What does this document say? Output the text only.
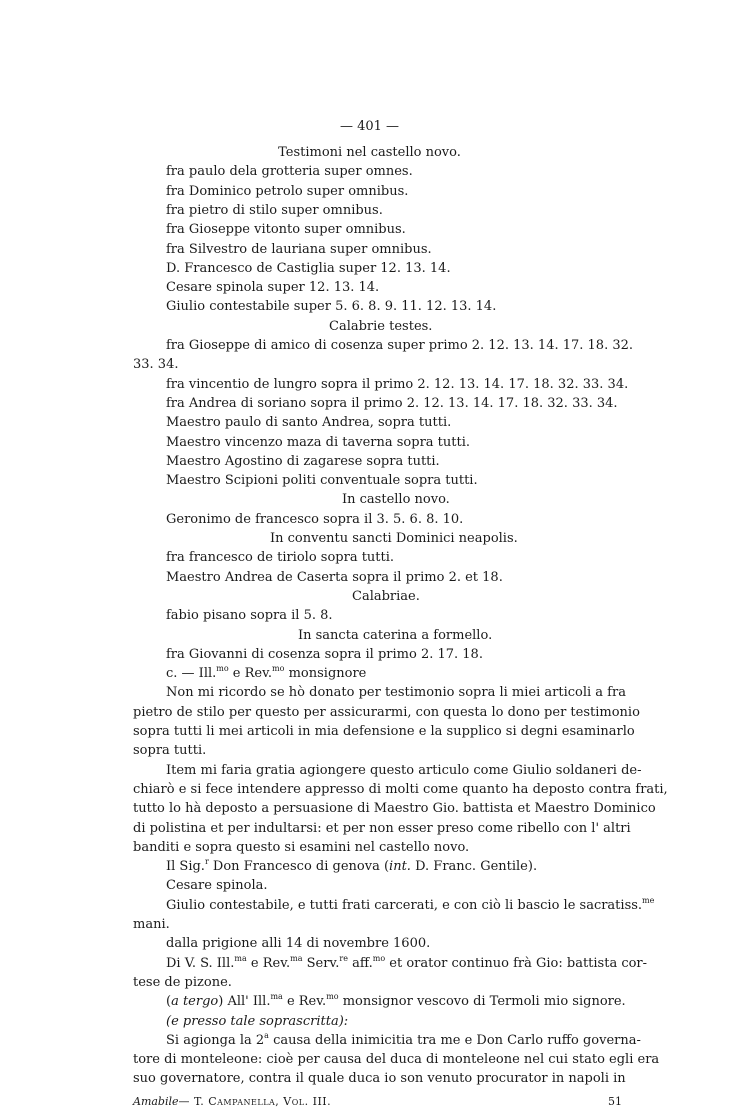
— 401 —
Testimoni nel castello novo.
fra paulo dela grotteria super omnes.
fra Dominico petrolo super omnibus.
fra pietro di stilo super omnibus.
fra Gioseppe vitonto super omnibus.
fra Silvestro de lauriana super omnibus.
D. Francesco de Castiglia super 12. 13. 14.
Cesare spinola super 12. 13. 14.
Giulio contestabile super 5. 6. 8. 9. 11. 12. 13. 14.
Calabrie testes.
fra Gioseppe di amico di cosenza super primo 2. 12. 13. 14. 17. 18. 32.
33. 34.
fra vincentio de lungro sopra il primo 2. 12. 13. 14. 17. 18. 32. 33. 34.
fra Andrea di soriano sopra il primo 2. 12. 13. 14. 17. 18. 32. 33. 34.
Maestro paulo di santo Andrea, sopra tutti.
Maestro vincenzo maza di taverna sopra tutti.
Maestro Agostino di zagarese sopra tutti.
Maestro Scipioni politi conventuale sopra tutti.
In castello novo.
Geronimo de francesco sopra il 3. 5. 6. 8. 10.
In conventu sancti Dominici neapolis.
fra francesco de tiriolo sopra tutti.
Maestro Andrea de Caserta sopra il primo 2. et 18.
Calabriae.
fabio pisano sopra il 5. 8.
In sancta caterina a formello.
fra Giovanni di cosenza sopra il primo 2. 17. 18.
c. — Ill.$^{mo}$ e Rev.$^{mo}$ monsignore
Non mi ricordo se hò donato per testimonio sopra li miei articoli a fra
pietro de stilo per questo per assicurarmi, con questa lo dono per testimonio
sopra tutti li mei articoli in mia defensione e la supplico si degni esaminarlo
sopra tutti.
Item mi faria gratia agiongere questo articulo come Giulio soldaneri de-
chiarò e si fece intendere appresso di molti come quanto ha deposto contra frati,
tutto lo hà deposto a persuasione di Maestro Gio. battista et Maestro Dominico
di polistina et per indultarsi: et per non esser preso come ribello con l' altri
banditi e sopra questo si esamini nel castello novo.
Il Sig.$^r$ Don Francesco di genova (int. D. Franc. Gentile).
Cesare spinola.
Giulio contestabile, e tutti frati carcerati, e con ciò li bascio le sacratiss.$^{me}$
mani.
dalla prigione alli 14 di novembre 1600.
Di V. S. Ill.$^{ma}$ e Rev.$^{ma}$ Serv.$^{re}$ aff.$^{mo}$ et orator continuo frà Gio: battista cor-
tese de pizone.
(a tergo) All' Ill.$^{ma}$ e Rev.$^{mo}$ monsignor vescovo di Termoli mio signore.
(e presso tale soprascritta):
Si agionga la 2$^a$ causa della inimicitia tra me e Don Carlo ruffo governa-
tore di monteleone: cioè per causa del duca di monteleone nel cui stato egli era
suo governatore, contra il quale duca io son venuto procurator in napoli in
Amabile— T. Campanella, Vol. III.	51
